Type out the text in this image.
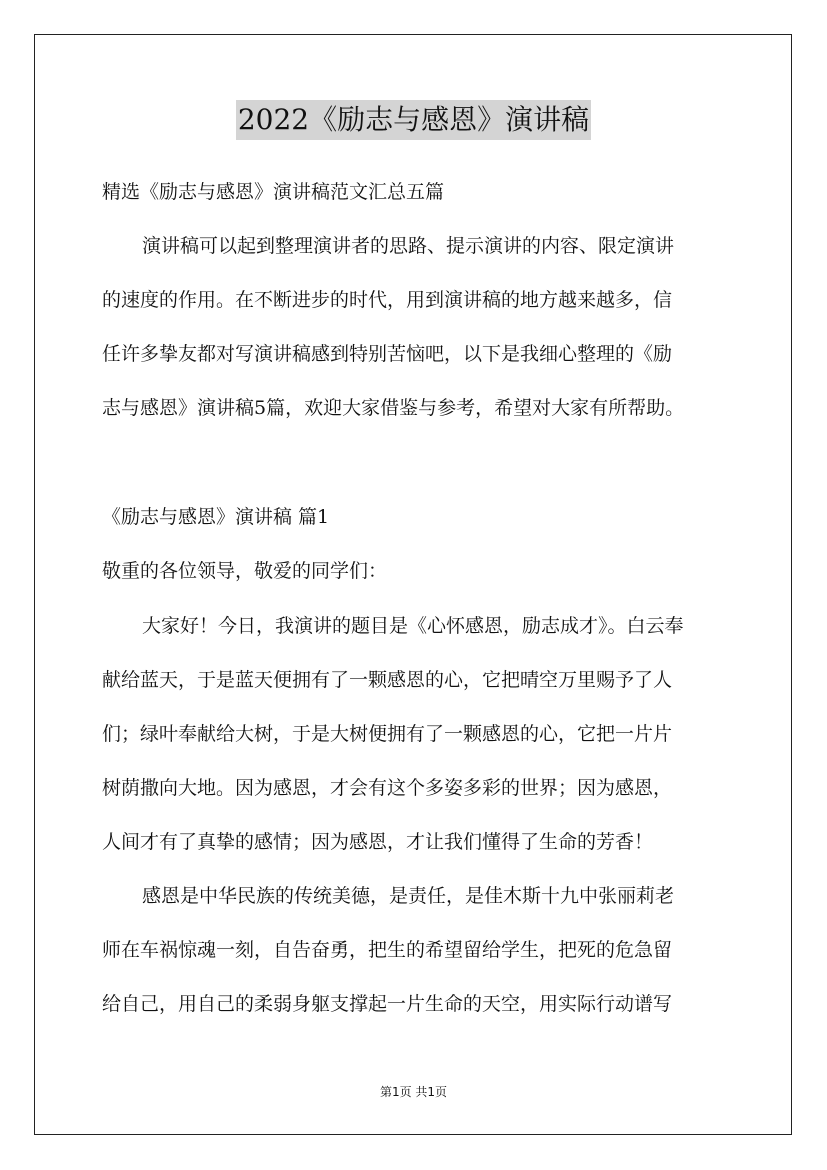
2022《励志与感恩》演讲稿
精选《励志与感恩》演讲稿范文汇总五篇
演讲稿可以起到整理演讲者的思路、提示演讲的内容、限定演讲
的速度的作用。在不断进步的时代，用到演讲稿的地方越来越多，信
任许多挚友都对写演讲稿感到特别苦恼吧，以下是我细心整理的《励
志与感恩》演讲稿5篇，欢迎大家借鉴与参考，希望对大家有所帮助。
《励志与感恩》演讲稿 篇1
敬重的各位领导，敬爱的同学们：
大家好！今日，我演讲的题目是《心怀感恩，励志成才》。白云奉
献给蓝天，于是蓝天便拥有了一颗感恩的心，它把晴空万里赐予了人
们；绿叶奉献给大树，于是大树便拥有了一颗感恩的心，它把一片片
树荫撒向大地。因为感恩，才会有这个多姿多彩的世界；因为感恩，
人间才有了真挚的感情；因为感恩，才让我们懂得了生命的芳香！
感恩是中华民族的传统美德，是责任，是佳木斯十九中张丽莉老
师在车祸惊魂一刻，自告奋勇，把生的希望留给学生，把死的危急留
给自己，用自己的柔弱身躯支撑起一片生命的天空，用实际行动谱写
第1页 共1页
